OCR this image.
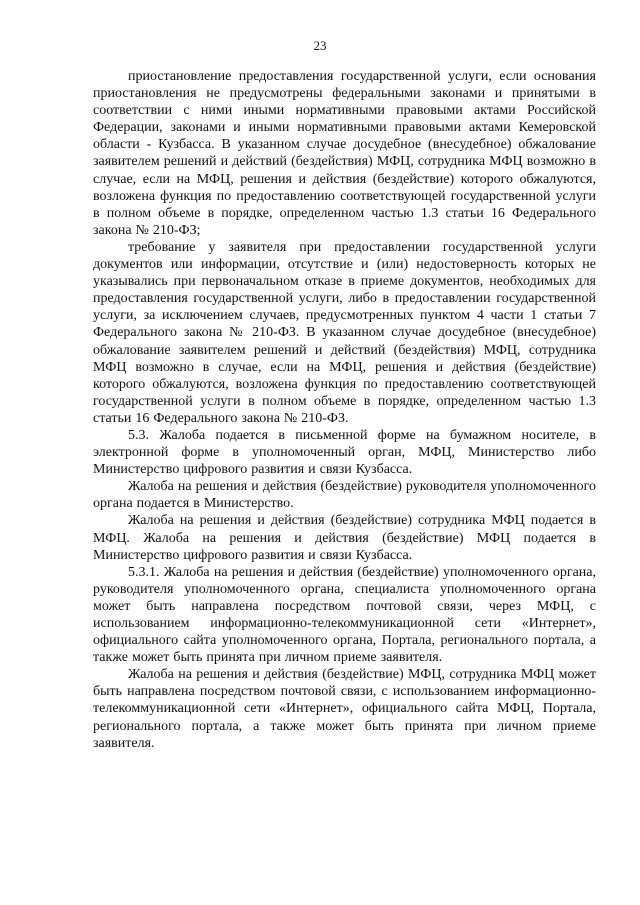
23

приостановление предоставления государственной услуги, если основания приостановления не предусмотрены федеральными законами и принятыми в соответствии с ними иными нормативными правовыми актами Российской Федерации, законами и иными нормативными правовыми актами Кемеровской области - Кузбасса. В указанном случае досудебное (внесудебное) обжалование заявителем решений и действий (бездействия) МФЦ, сотрудника МФЦ возможно в случае, если на МФЦ, решения и действия (бездействие) которого обжалуются, возложена функция по предоставлению соответствующей государственной услуги в полном объеме в порядке, определенном частью 1.3 статьи 16 Федерального закона № 210-ФЗ;

требование у заявителя при предоставлении государственной услуги документов или информации, отсутствие и (или) недостоверность которых не указывались при первоначальном отказе в приеме документов, необходимых для предоставления государственной услуги, либо в предоставлении государственной услуги, за исключением случаев, предусмотренных пунктом 4 части 1 статьи 7 Федерального закона № 210-ФЗ. В указанном случае досудебное (внесудебное) обжалование заявителем решений и действий (бездействия) МФЦ, сотрудника МФЦ возможно в случае, если на МФЦ, решения и действия (бездействие) которого обжалуются, возложена функция по предоставлению соответствующей государственной услуги в полном объеме в порядке, определенном частью 1.3 статьи 16 Федерального закона № 210-ФЗ.

5.3. Жалоба подается в письменной форме на бумажном носителе, в электронной форме в уполномоченный орган, МФЦ, Министерство либо Министерство цифрового развития и связи Кузбасса.

Жалоба на решения и действия (бездействие) руководителя уполномоченного органа подается в Министерство.

Жалоба на решения и действия (бездействие) сотрудника МФЦ подается в МФЦ. Жалоба на решения и действия (бездействие) МФЦ подается в Министерство цифрового развития и связи Кузбасса.

5.3.1. Жалоба на решения и действия (бездействие) уполномоченного органа, руководителя уполномоченного органа, специалиста уполномоченного органа может быть направлена посредством почтовой связи, через МФЦ, с использованием информационно-телекоммуникационной сети «Интернет», официального сайта уполномоченного органа, Портала, регионального портала, а также может быть принята при личном приеме заявителя.

Жалоба на решения и действия (бездействие) МФЦ, сотрудника МФЦ может быть направлена посредством почтовой связи, с использованием информационно-телекоммуникационной сети «Интернет», официального сайта МФЦ, Портала, регионального портала, а также может быть принята при личном приеме заявителя.
